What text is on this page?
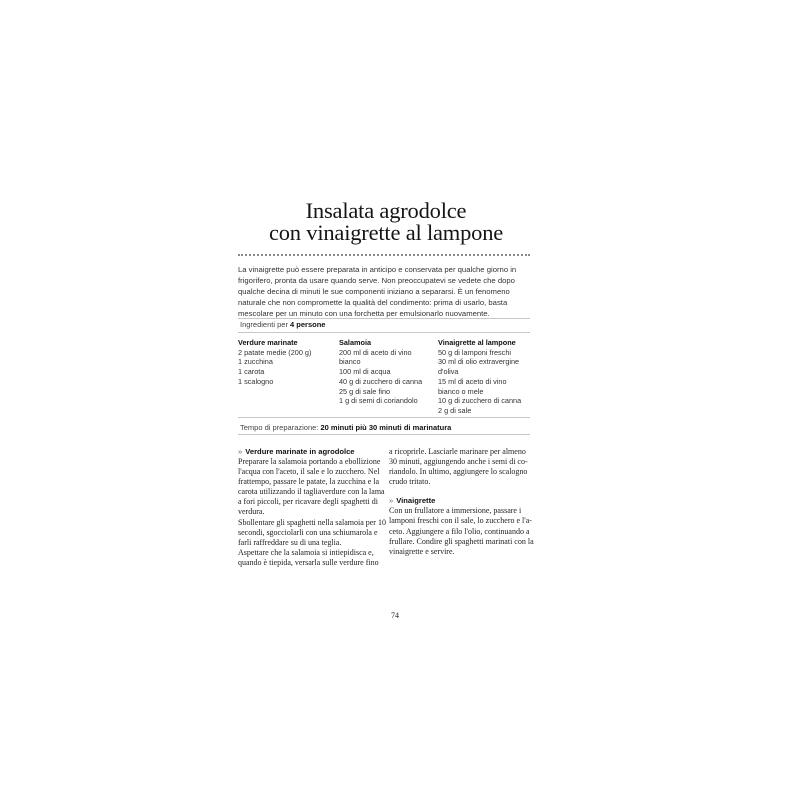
Insalata agrodolce
con vinaigrette al lampone
La vinaigrette può essere preparata in anticipo e conservata per qualche giorno in
frigorifero, pronta da usare quando serve. Non preoccupatevi se vedete che dopo
qualche decina di minuti le sue componenti iniziano a separarsi. È un fenomeno
naturale che non compromette la qualità del condimento: prima di usarlo, basta
mescolare per un minuto con una forchetta per emulsionarlo nuovamente.
Ingredienti per 4 persone
Verdure marinate
2 patate medie (200 g)
1 zucchina
1 carota
1 scalogno
Salamoia
200 ml di aceto di vino
bianco
100 ml di acqua
40 g di zucchero di canna
25 g di sale fino
1 g di semi di coriandolo
Vinaigrette al lampone
50 g di lamponi freschi
30 ml di olio extravergine
d'oliva
15 ml di aceto di vino
bianco o mele
10 g di zucchero di canna
2 g di sale
Tempo di preparazione: 20 minuti più 30 minuti di marinatura
» Verdure marinate in agrodolce
Preparare la salamoia portando a ebollizione
l'acqua con l'aceto, il sale e lo zucchero. Nel
frattempo, passare le patate, la zucchina e la
carota utilizzando il tagliaverdure con la lama
a fori piccoli, per ricavare degli spaghetti di
verdura.
Sbollentare gli spaghetti nella salamoia per 10
secondi, sgocciolarli con una schiumarola e
farli raffreddare su di una teglia.
Aspettare che la salamoia si intiepidisca e,
quando è tiepida, versarla sulle verdure fino
a ricoprirle. Lasciarle marinare per almeno
30 minuti, aggiungendo anche i semi di co-
riandolo. In ultimo, aggiungere lo scalogno
crudo tritato.
» Vinaigrette
Con un frullatore a immersione, passare i
lamponi freschi con il sale, lo zucchero e l'a-
ceto. Aggiungere a filo l'olio, continuando a
frullare. Condire gli spaghetti marinati con la
vinaigrette e servire.
74
